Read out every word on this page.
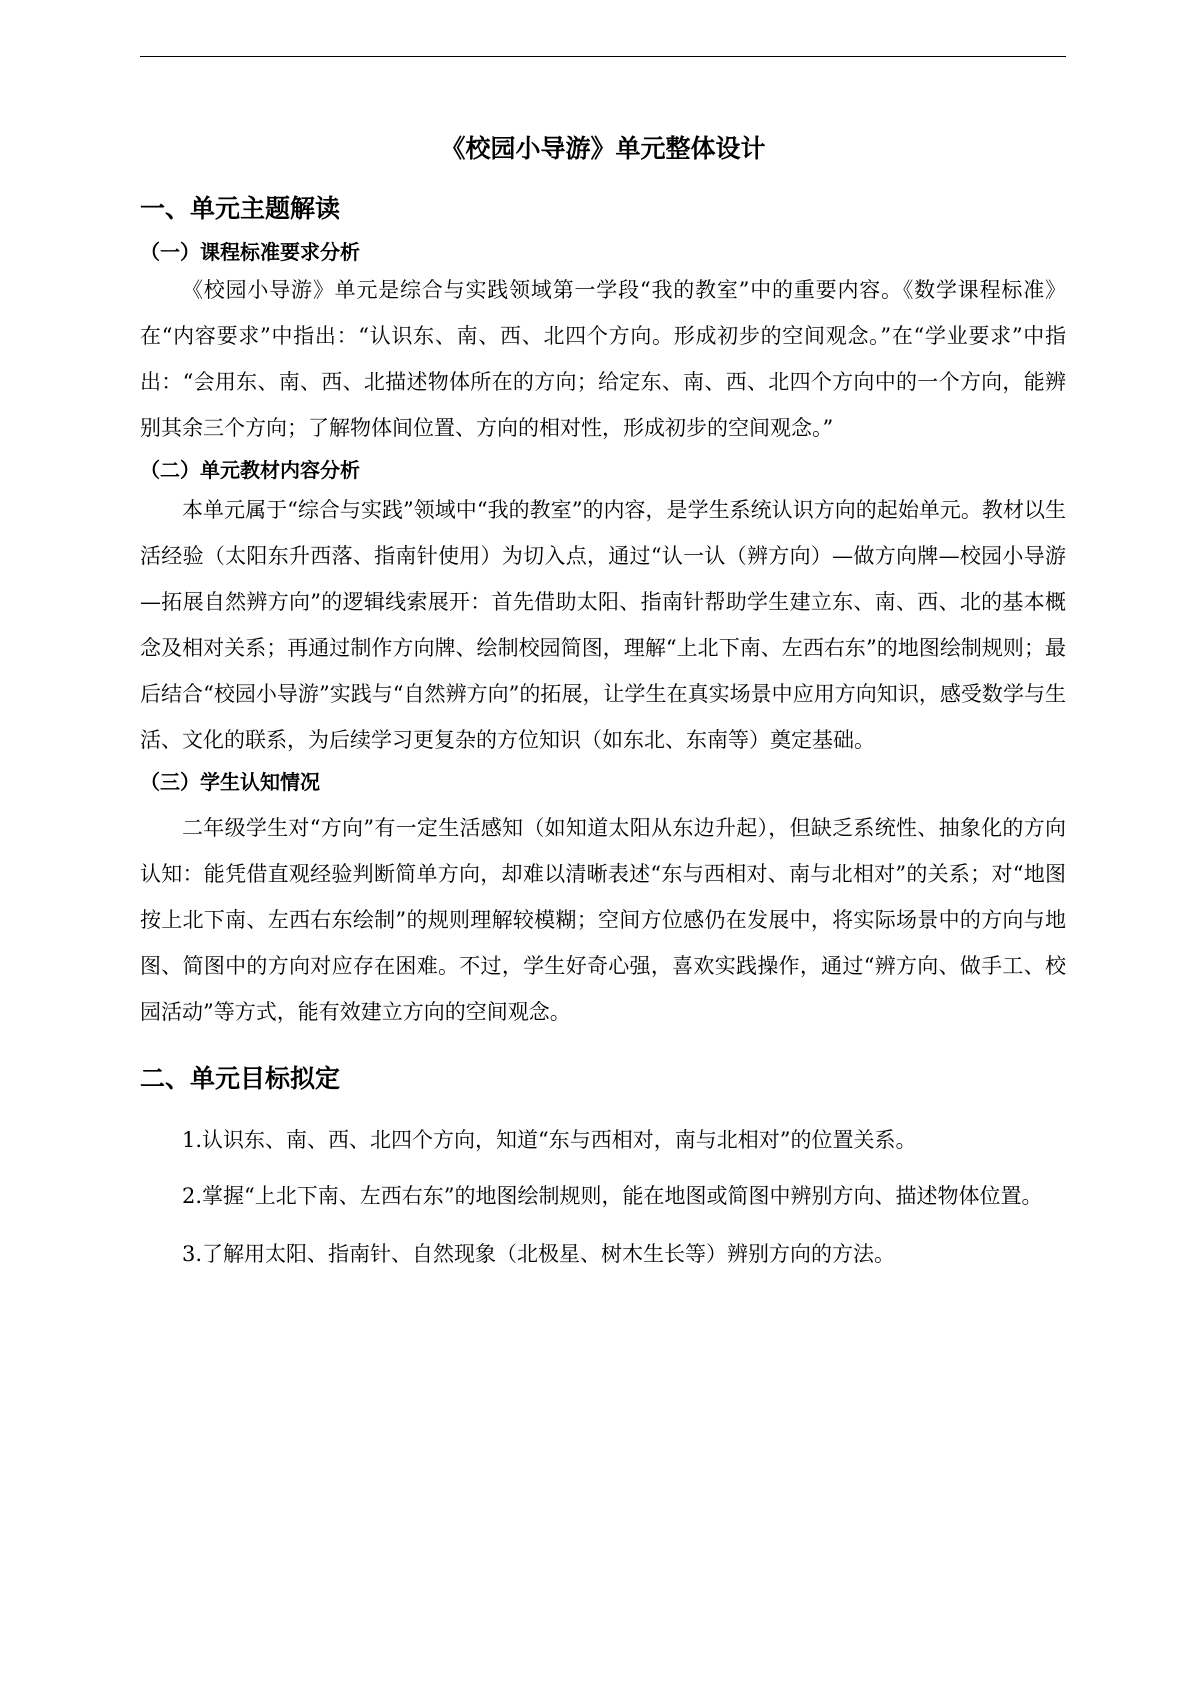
《校园小导游》单元整体设计
一、单元主题解读
（一）课程标准要求分析

《校园小导游》单元是综合与实践领域第一学段“我的教室”中的重要内容。《数学课程标准》在“内容要求”中指出：“认识东、南、西、北四个方向。形成初步的空间观念。”在“学业要求”中指出：“会用东、南、西、北描述物体所在的方向；给定东、南、西、北四个方向中的一个方向，能辨别其余三个方向；了解物体间位置、方向的相对性，形成初步的空间观念。”

（二）单元教材内容分析

本单元属于“综合与实践”领域中“我的教室”的内容，是学生系统认识方向的起始单元。教材以生活经验（太阳东升西落、指南针使用）为切入点，通过“认一认（辨方向）—做方向牌—校园小导游—拓展自然辨方向”的逻辑线索展开：首先借助太阳、指南针帮助学生建立东、南、西、北的基本概念及相对关系；再通过制作方向牌、绘制校园简图，理解“上北下南、左西右东”的地图绘制规则；最后结合“校园小导游”实践与“自然辨方向”的拓展，让学生在真实场景中应用方向知识，感受数学与生活、文化的联系，为后续学习更复杂的方位知识（如东北、东南等）奠定基础。

（三）学生认知情况

二年级学生对“方向”有一定生活感知（如知道太阳从东边升起），但缺乏系统性、抽象化的方向认知：能凭借直观经验判断简单方向，却难以清晰表述“东与西相对、南与北相对”的关系；对“地图按上北下南、左西右东绘制”的规则理解较模糊；空间方位感仍在发展中，将实际场景中的方向与地图、简图中的方向对应存在困难。不过，学生好奇心强，喜欢实践操作，通过“辨方向、做手工、校园活动”等方式，能有效建立方向的空间观念。

二、单元目标拟定

1.认识东、南、西、北四个方向，知道“东与西相对，南与北相对”的位置关系。

2.掌握“上北下南、左西右东”的地图绘制规则，能在地图或简图中辨别方向、描述物体位置。

3.了解用太阳、指南针、自然现象（北极星、树木生长等）辨别方向的方法。
